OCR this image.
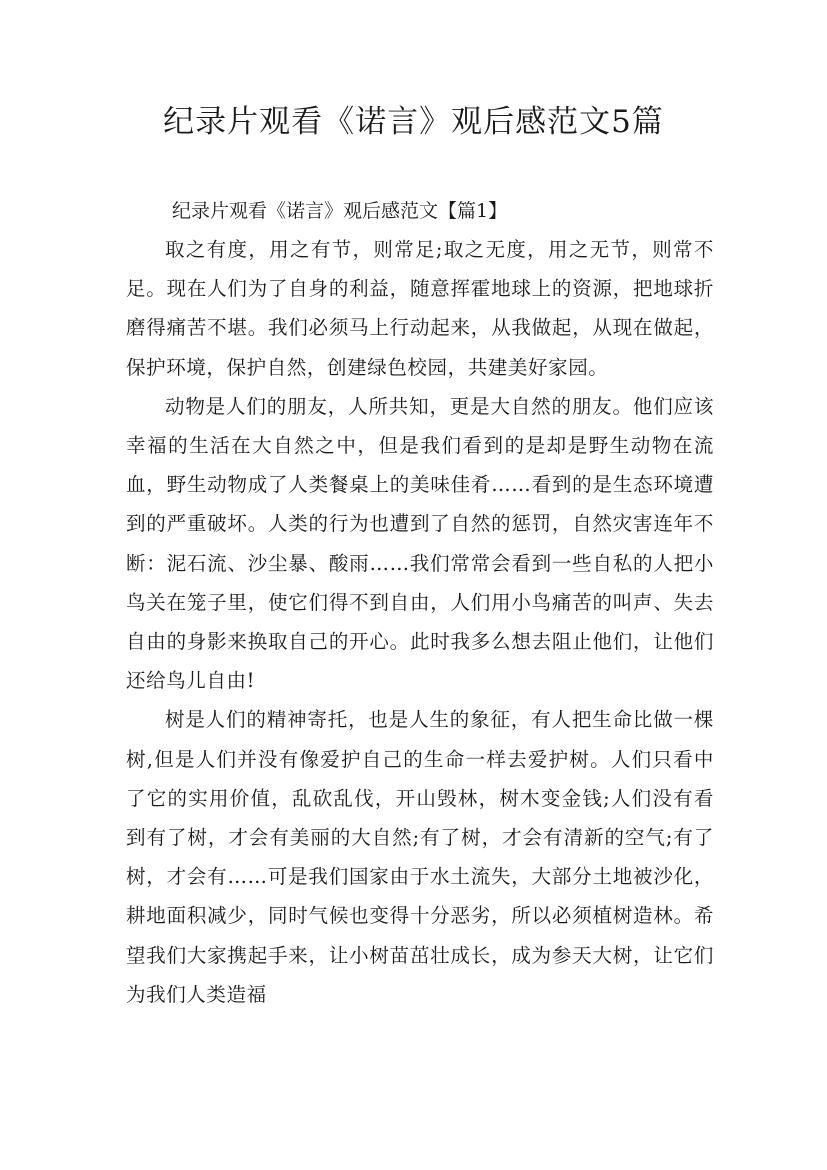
纪录片观看《诺言》观后感范文5篇

纪录片观看《诺言》观后感范文【篇1】

取之有度，用之有节，则常足;取之无度，用之无节，则常不足。现在人们为了自身的利益，随意挥霍地球上的资源，把地球折磨得痛苦不堪。我们必须马上行动起来，从我做起，从现在做起，保护环境，保护自然，创建绿色校园，共建美好家园。

动物是人们的朋友，人所共知，更是大自然的朋友。他们应该幸福的生活在大自然之中，但是我们看到的是却是野生动物在流血，野生动物成了人类餐桌上的美味佳肴……看到的是生态环境遭到的严重破坏。人类的行为也遭到了自然的惩罚，自然灾害连年不断：泥石流、沙尘暴、酸雨……我们常常会看到一些自私的人把小鸟关在笼子里，使它们得不到自由，人们用小鸟痛苦的叫声、失去自由的身影来换取自己的开心。此时我多么想去阻止他们，让他们还给鸟儿自由!

树是人们的精神寄托，也是人生的象征，有人把生命比做一棵树,但是人们并没有像爱护自己的生命一样去爱护树。人们只看中了它的实用价值，乱砍乱伐，开山毁林，树木变金钱;人们没有看到有了树，才会有美丽的大自然;有了树，才会有清新的空气;有了树，才会有……可是我们国家由于水土流失，大部分土地被沙化，耕地面积减少，同时气候也变得十分恶劣，所以必须植树造林。希望我们大家携起手来，让小树苗茁壮成长，成为参天大树，让它们为我们人类造福
